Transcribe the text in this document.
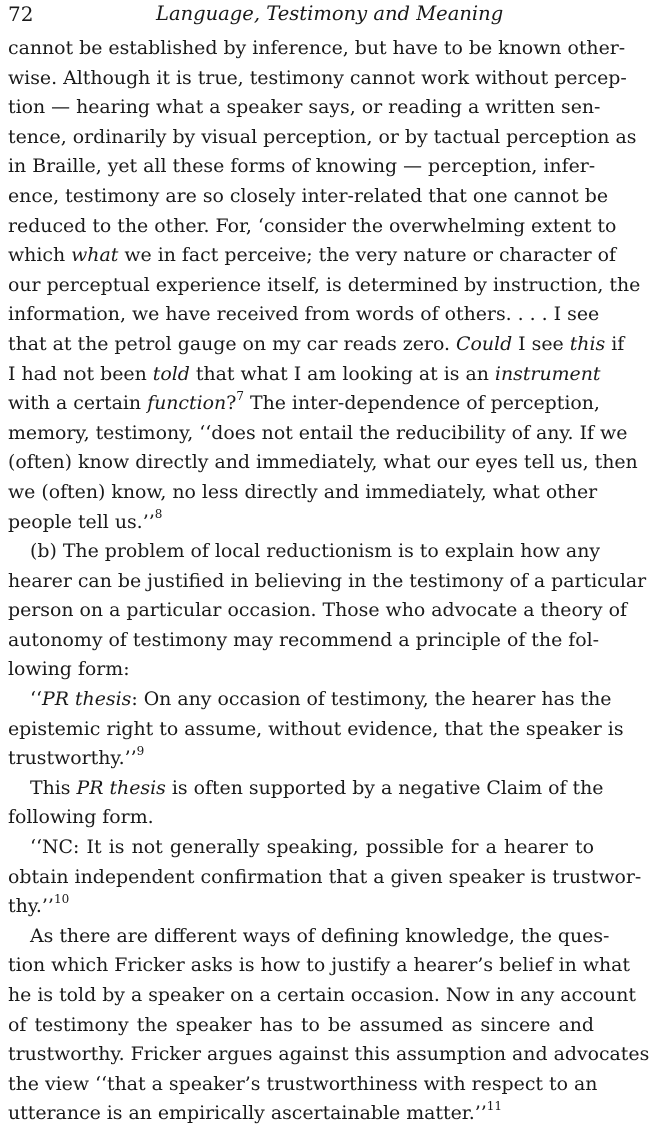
72	Language, Testimony and Meaning

cannot be established by inference, but have to be known other-
wise. Although it is true, testimony cannot work without percep-
tion — hearing what a speaker says, or reading a written sen-
tence, ordinarily by visual perception, or by tactual perception as
in Braille, yet all these forms of knowing — perception, infer-
ence, testimony are so closely inter-related that one cannot be
reduced to the other. For, ‘consider the overwhelming extent to
which what we in fact perceive; the very nature or character of
our perceptual experience itself, is determined by instruction, the
information, we have received from words of others. . . . I see
that at the petrol gauge on my car reads zero. Could I see this if
I had not been told that what I am looking at is an instrument
with a certain function?$^7$ The inter-dependence of perception,
memory, testimony, ‘‘does not entail the reducibility of any. If we
(often) know directly and immediately, what our eyes tell us, then
we (often) know, no less directly and immediately, what other
people tell us.’’$^8$

(b) The problem of local reductionism is to explain how any
hearer can be justified in believing in the testimony of a particular
person on a particular occasion. Those who advocate a theory of
autonomy of testimony may recommend a principle of the fol-
lowing form:

‘‘PR thesis: On any occasion of testimony, the hearer has the
epistemic right to assume, without evidence, that the speaker is
trustworthy.’’$^9$

This PR thesis is often supported by a negative Claim of the
following form.

‘‘NC: It is not generally speaking, possible for a hearer to
obtain independent confirmation that a given speaker is trustwor-
thy.’’$^{10}$

As there are different ways of defining knowledge, the ques-
tion which Fricker asks is how to justify a hearer’s belief in what
he is told by a speaker on a certain occasion. Now in any account
of testimony the speaker has to be assumed as sincere and
trustworthy. Fricker argues against this assumption and advocates
the view ‘‘that a speaker’s trustworthiness with respect to an
utterance is an empirically ascertainable matter.’’$^{11}$
